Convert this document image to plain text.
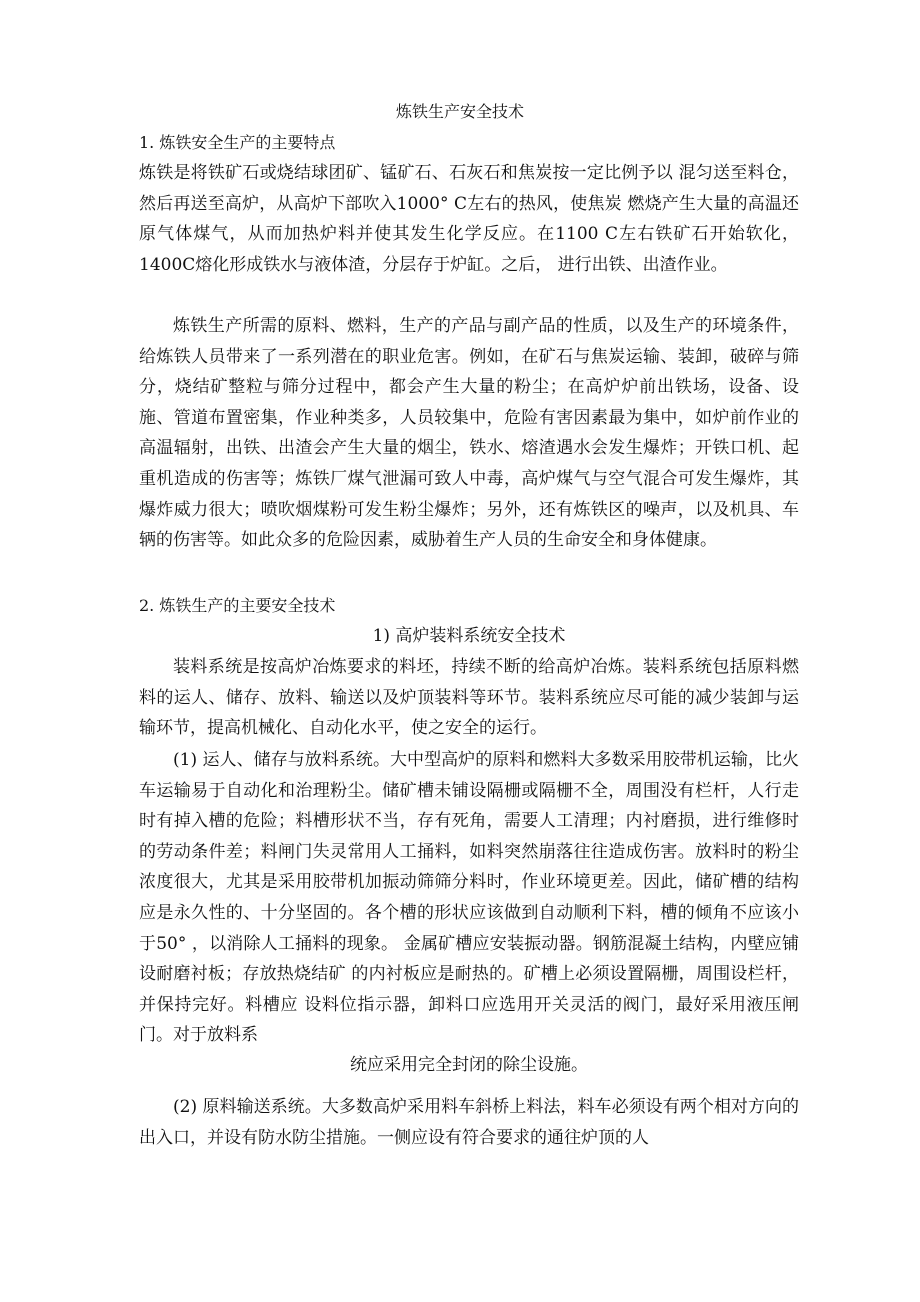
炼铁生产安全技术
1. 炼铁安全生产的主要特点
炼铁是将铁矿石或烧结球团矿、锰矿石、石灰石和焦炭按一定比例予以 混匀送至料仓，然后再送至高炉，从高炉下部吹入1000° C左右的热风，使焦炭 燃烧产生大量的高温还原气体煤气，从而加热炉料并使其发生化学反应。在1100 C左右铁矿石开始软化，1400C熔化形成铁水与液体渣，分层存于炉缸。之后， 进行出铁、出渣作业。
炼铁生产所需的原料、燃料，生产的产品与副产品的性质，以及生产的环境条件，给炼铁人员带来了一系列潜在的职业危害。例如，在矿石与焦炭运输、装卸，破碎与筛分，烧结矿整粒与筛分过程中，都会产生大量的粉尘；在高炉炉前出铁场，设备、设施、管道布置密集，作业种类多，人员较集中，危险有害因素最为集中，如炉前作业的高温辐射，出铁、出渣会产生大量的烟尘，铁水、熔渣遇水会发生爆炸；开铁口机、起重机造成的伤害等；炼铁厂煤气泄漏可致人中毒，高炉煤气与空气混合可发生爆炸，其爆炸威力很大；喷吹烟煤粉可发生粉尘爆炸；另外，还有炼铁区的噪声，以及机具、车辆的伤害等。如此众多的危险因素，威胁着生产人员的生命安全和身体健康。
2. 炼铁生产的主要安全技术
1) 高炉装料系统安全技术
装料系统是按高炉冶炼要求的料坯，持续不断的给高炉冶炼。装料系统包括原料燃料的运人、储存、放料、输送以及炉顶装料等环节。装料系统应尽可能的减少装卸与运输环节，提高机械化、自动化水平，使之安全的运行。
(1) 运人、储存与放料系统。大中型高炉的原料和燃料大多数采用胶带机运输，比火车运输易于自动化和治理粉尘。储矿槽未铺设隔栅或隔栅不全，周围没有栏杆，人行走时有掉入槽的危险；料槽形状不当，存有死角，需要人工清理；内衬磨损，进行维修时的劳动条件差；料闸门失灵常用人工捅料，如料突然崩落往往造成伤害。放料时的粉尘浓度很大，尤其是采用胶带机加振动筛筛分料时，作业环境更差。因此，储矿槽的结构应是永久性的、十分坚固的。各个槽的形状应该做到自动顺利下料，槽的倾角不应该小于50° ，以消除人工捅料的现象。 金属矿槽应安装振动器。钢筋混凝土结构，内壁应铺设耐磨衬板；存放热烧结矿 的内衬板应是耐热的。矿槽上必须设置隔栅，周围设栏杆，并保持完好。料槽应 设料位指示器，卸料口应选用开关灵活的阀门，最好采用液压闸门。对于放料系
统应采用完全封闭的除尘设施。
(2) 原料输送系统。大多数高炉采用料车斜桥上料法，料车必须设有两个相对方向的出入口，并设有防水防尘措施。一侧应设有符合要求的通往炉顶的人
